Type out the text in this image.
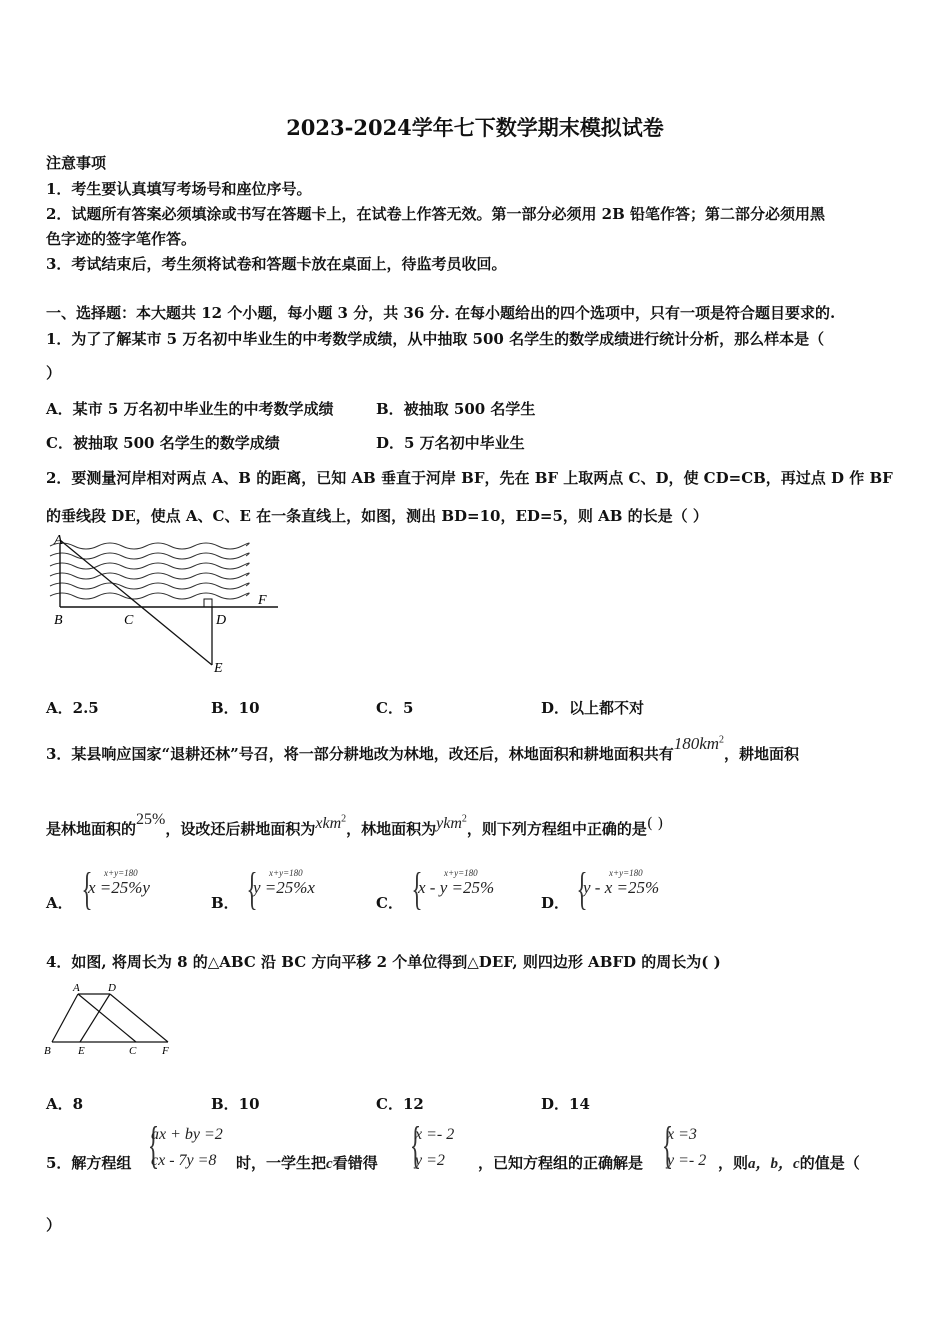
2023-2024学年七下数学期末模拟试卷
注意事项
1．考生要认真填写考场号和座位序号。
2．试题所有答案必须填涂或书写在答题卡上，在试卷上作答无效。第一部分必须用 2B 铅笔作答；第二部分必须用黑
色字迹的签字笔作答。
3．考试结束后，考生须将试卷和答题卡放在桌面上，待监考员收回。
一、选择题：本大题共 12 个小题，每小题 3 分，共 36 分. 在每小题给出的四个选项中，只有一项是符合题目要求的.
1．为了了解某市 5 万名初中毕业生的中考数学成绩，从中抽取 500 名学生的数学成绩进行统计分析，那么样本是（
）
A．某市 5 万名初中毕业生的中考数学成绩	B．被抽取 500 名学生
C．被抽取 500 名学生的数学成绩	D．5 万名初中毕业生
2．要测量河岸相对两点 A、B 的距离，已知 AB 垂直于河岸 BF，先在 BF 上取两点 C、D，使 CD=CB，再过点 D 作 BF
的垂线段 DE，使点 A、C、E 在一条直线上，如图，测出 BD=10，ED=5，则 AB 的长是（ ）
A
B	C	D
E
F
A．2.5	B．10	C．5	D．以上都不对
3．某县响应国家“退耕还林”号召，将一部分耕地改为林地，改还后，林地面积和耕地面积共有$180km^2$，耕地面积
是林地面积的25%，设改还后耕地面积为xkm$^2$，林地面积为ykm$^2$，则下列方程组中正确的是( )
A． { x+y=180
x =25%y
B． { x+y=180
y =25%x
C． { x+y=180
x - y =25%
D． { x+y=180
y - x =25%
4．如图, 将周长为 8 的△ABC 沿 BC 方向平移 2 个单位得到△DEF, 则四边形 ABFD 的周长为( )
A	D
B E	C F
A．8	B．10	C．12	D．14
5．解方程组 {
ax + by =2
cx - 7y =8 时，一学生把c看错得 {
x =- 2
y =2 ，已知方程组的正确解是 {
x =3
y =- 2 ，则a，b，c的值是（
）
